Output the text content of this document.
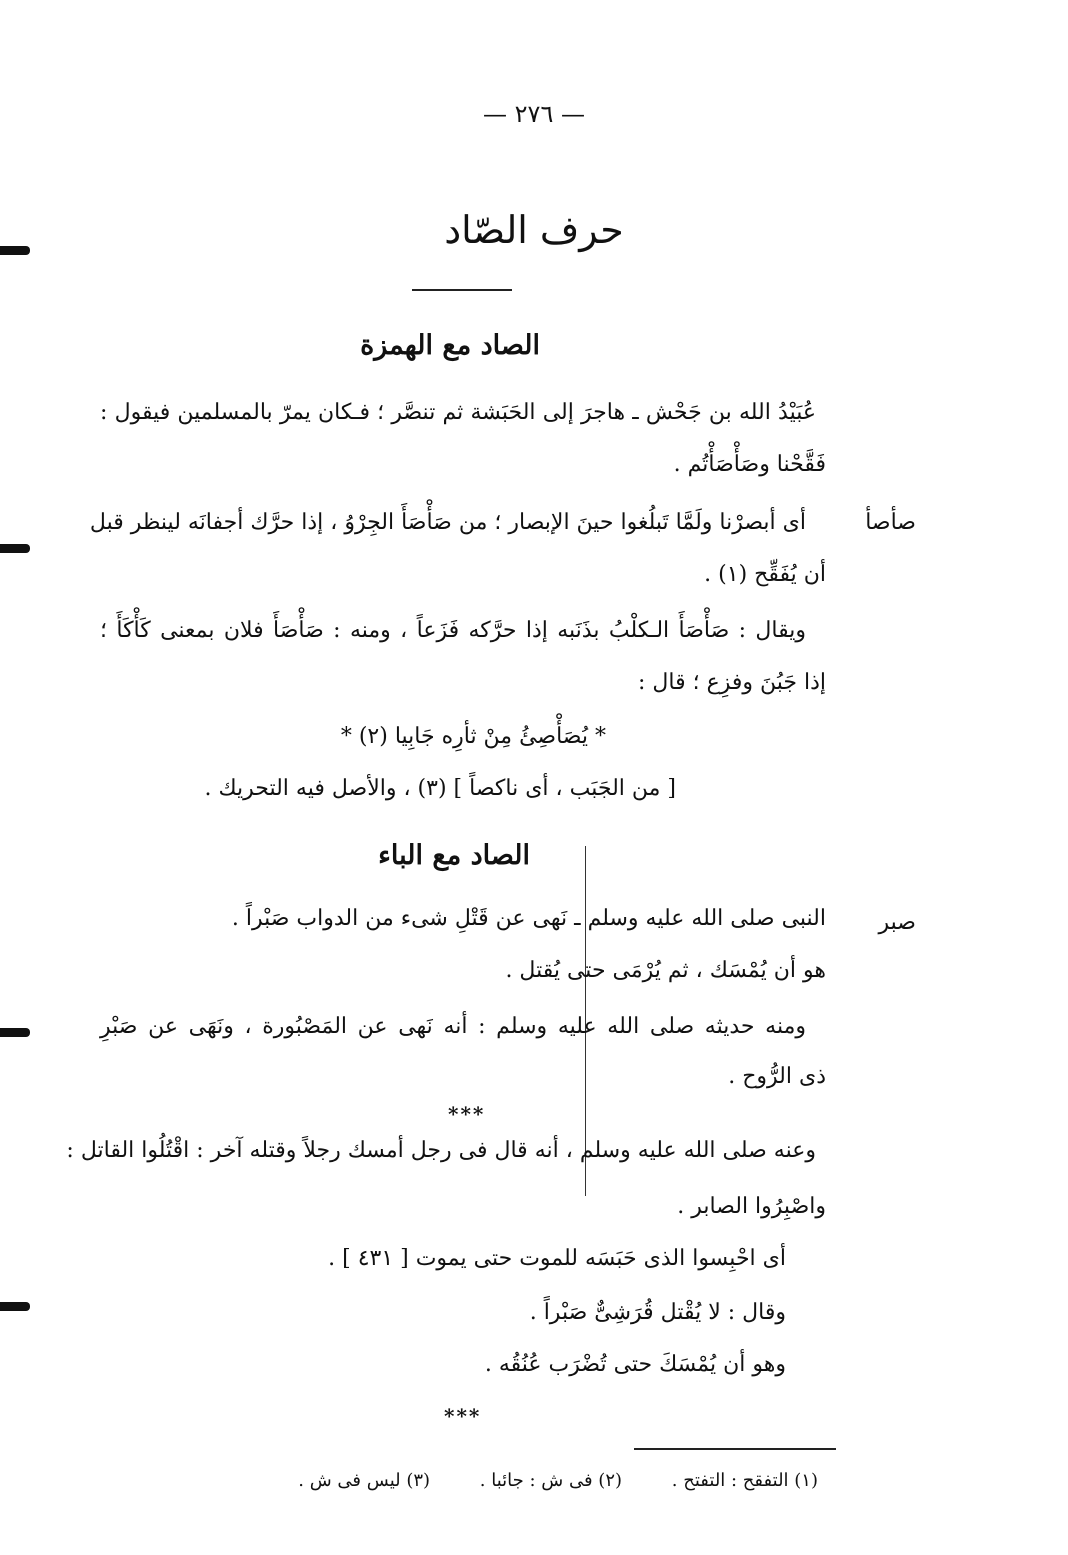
— ٢٧٦ —
حرف الصّاد
الصاد مع الهمزة
عُبَيْدُ الله بن جَحْش ـ هاجرَ إلى الحَبَشة ثم تنصَّر ؛ فـكان يمرّ بالمسلمين فيقول :
فَقَّحْنا وصَأْصَأْتُم .
صأصأ
أى أبصرْنا ولَمَّا تَبلُغوا حينَ الإبصار ؛ من صَأْصَأَ الجِرْوُ ، إذا حرَّك أجفانَه لينظر قبل
أن يُفَقِّح (١) .
ويقال : صَأْصَأَ الـكلْبُ بذَنَبه إذا حرَّكه فَزَعاً ، ومنه : صَأْصَأَ فلان بمعنى كَأْكَأَ ؛
إذا جَبُنَ وفزِع ؛ قال :
* يُصَأْصِئُ مِنْ ثأرِه جَابِيا (٢) *
[ من الجَبَب ، أى ناكصاً ] (٣) ، والأصل فيه التحريك .
الصاد مع الباء
صبر
النبى صلى الله عليه وسلم ـ نَهى عن قَتْلِ شىء من الدواب صَبْراً .
هو أن يُمْسَك ، ثم يُرْمَى حتى يُقتل .
ومنه حديثه صلى الله عليه وسلم : أنه نَهى عن المَصْبُورة ، ونَهَى عن صَبْرِ
ذى الرُّوح .
***
وعنه صلى الله عليه وسلم ، أنه قال فى رجل أمسك رجلاً وقتله آخر : اقْتُلُوا القاتل :
واصْبِرُوا الصابر .
أى احْبِسوا الذى حَبَسَه للموت حتى يموت [ ٤٣١ ] .
وقال : لا يُقْتل قُرَشِىٌّ صَبْراً .
وهو أن يُمْسَكَ حتى تُضْرَب عُنُقُه .
***
(١) التفقح : التفتح . (٢) فى ش : جائبا . (٣) ليس فى ش .
